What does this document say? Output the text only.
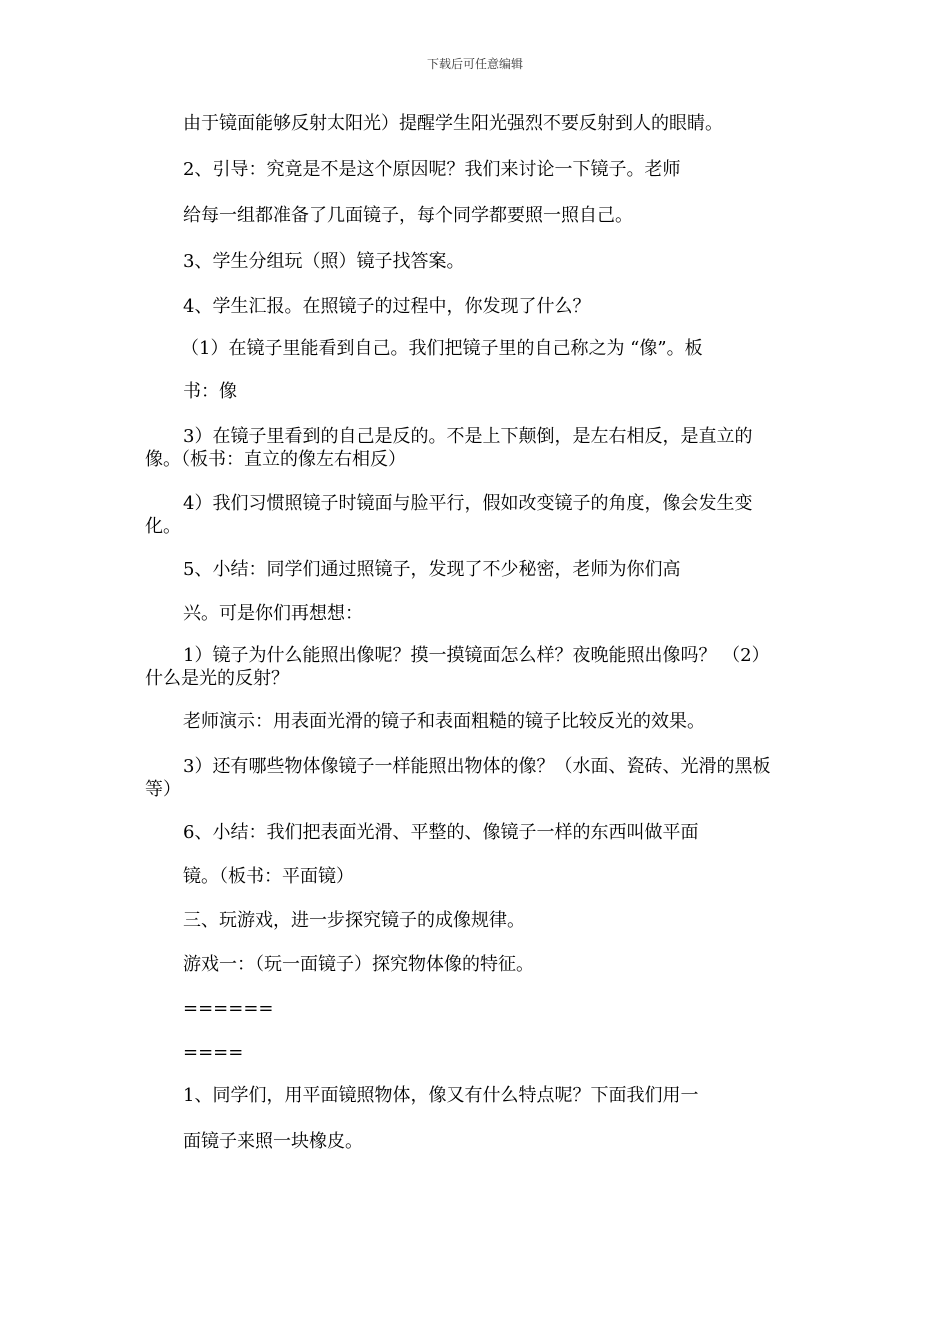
下载后可任意编辑
由于镜面能够反射太阳光）提醒学生阳光强烈不要反射到人的眼睛。
2、引导：究竟是不是这个原因呢？我们来讨论一下镜子。老师
给每一组都准备了几面镜子，每个同学都要照一照自己。
3、学生分组玩（照）镜子找答案。
4、学生汇报。在照镜子的过程中，你发现了什么？
（1）在镜子里能看到自己。我们把镜子里的自己称之为 “像”。板
书：像
3）在镜子里看到的自己是反的。不是上下颠倒，是左右相反，是直立的
像。（板书：直立的像左右相反）
4）我们习惯照镜子时镜面与脸平行，假如改变镜子的角度，像会发生变
化。
5、小结：同学们通过照镜子，发现了不少秘密，老师为你们高
兴。可是你们再想想：
1）镜子为什么能照出像呢？摸一摸镜面怎么样？夜晚能照出像吗？ （2）
什么是光的反射？
老师演示：用表面光滑的镜子和表面粗糙的镜子比较反光的效果。
3）还有哪些物体像镜子一样能照出物体的像？（水面、瓷砖、光滑的黑板
等）
6、小结：我们把表面光滑、平整的、像镜子一样的东西叫做平面
镜。（板书：平面镜）
三、玩游戏，进一步探究镜子的成像规律。
游戏一：（玩一面镜子）探究物体像的特征。
======
====
1、同学们，用平面镜照物体，像又有什么特点呢？下面我们用一
面镜子来照一块橡皮。
